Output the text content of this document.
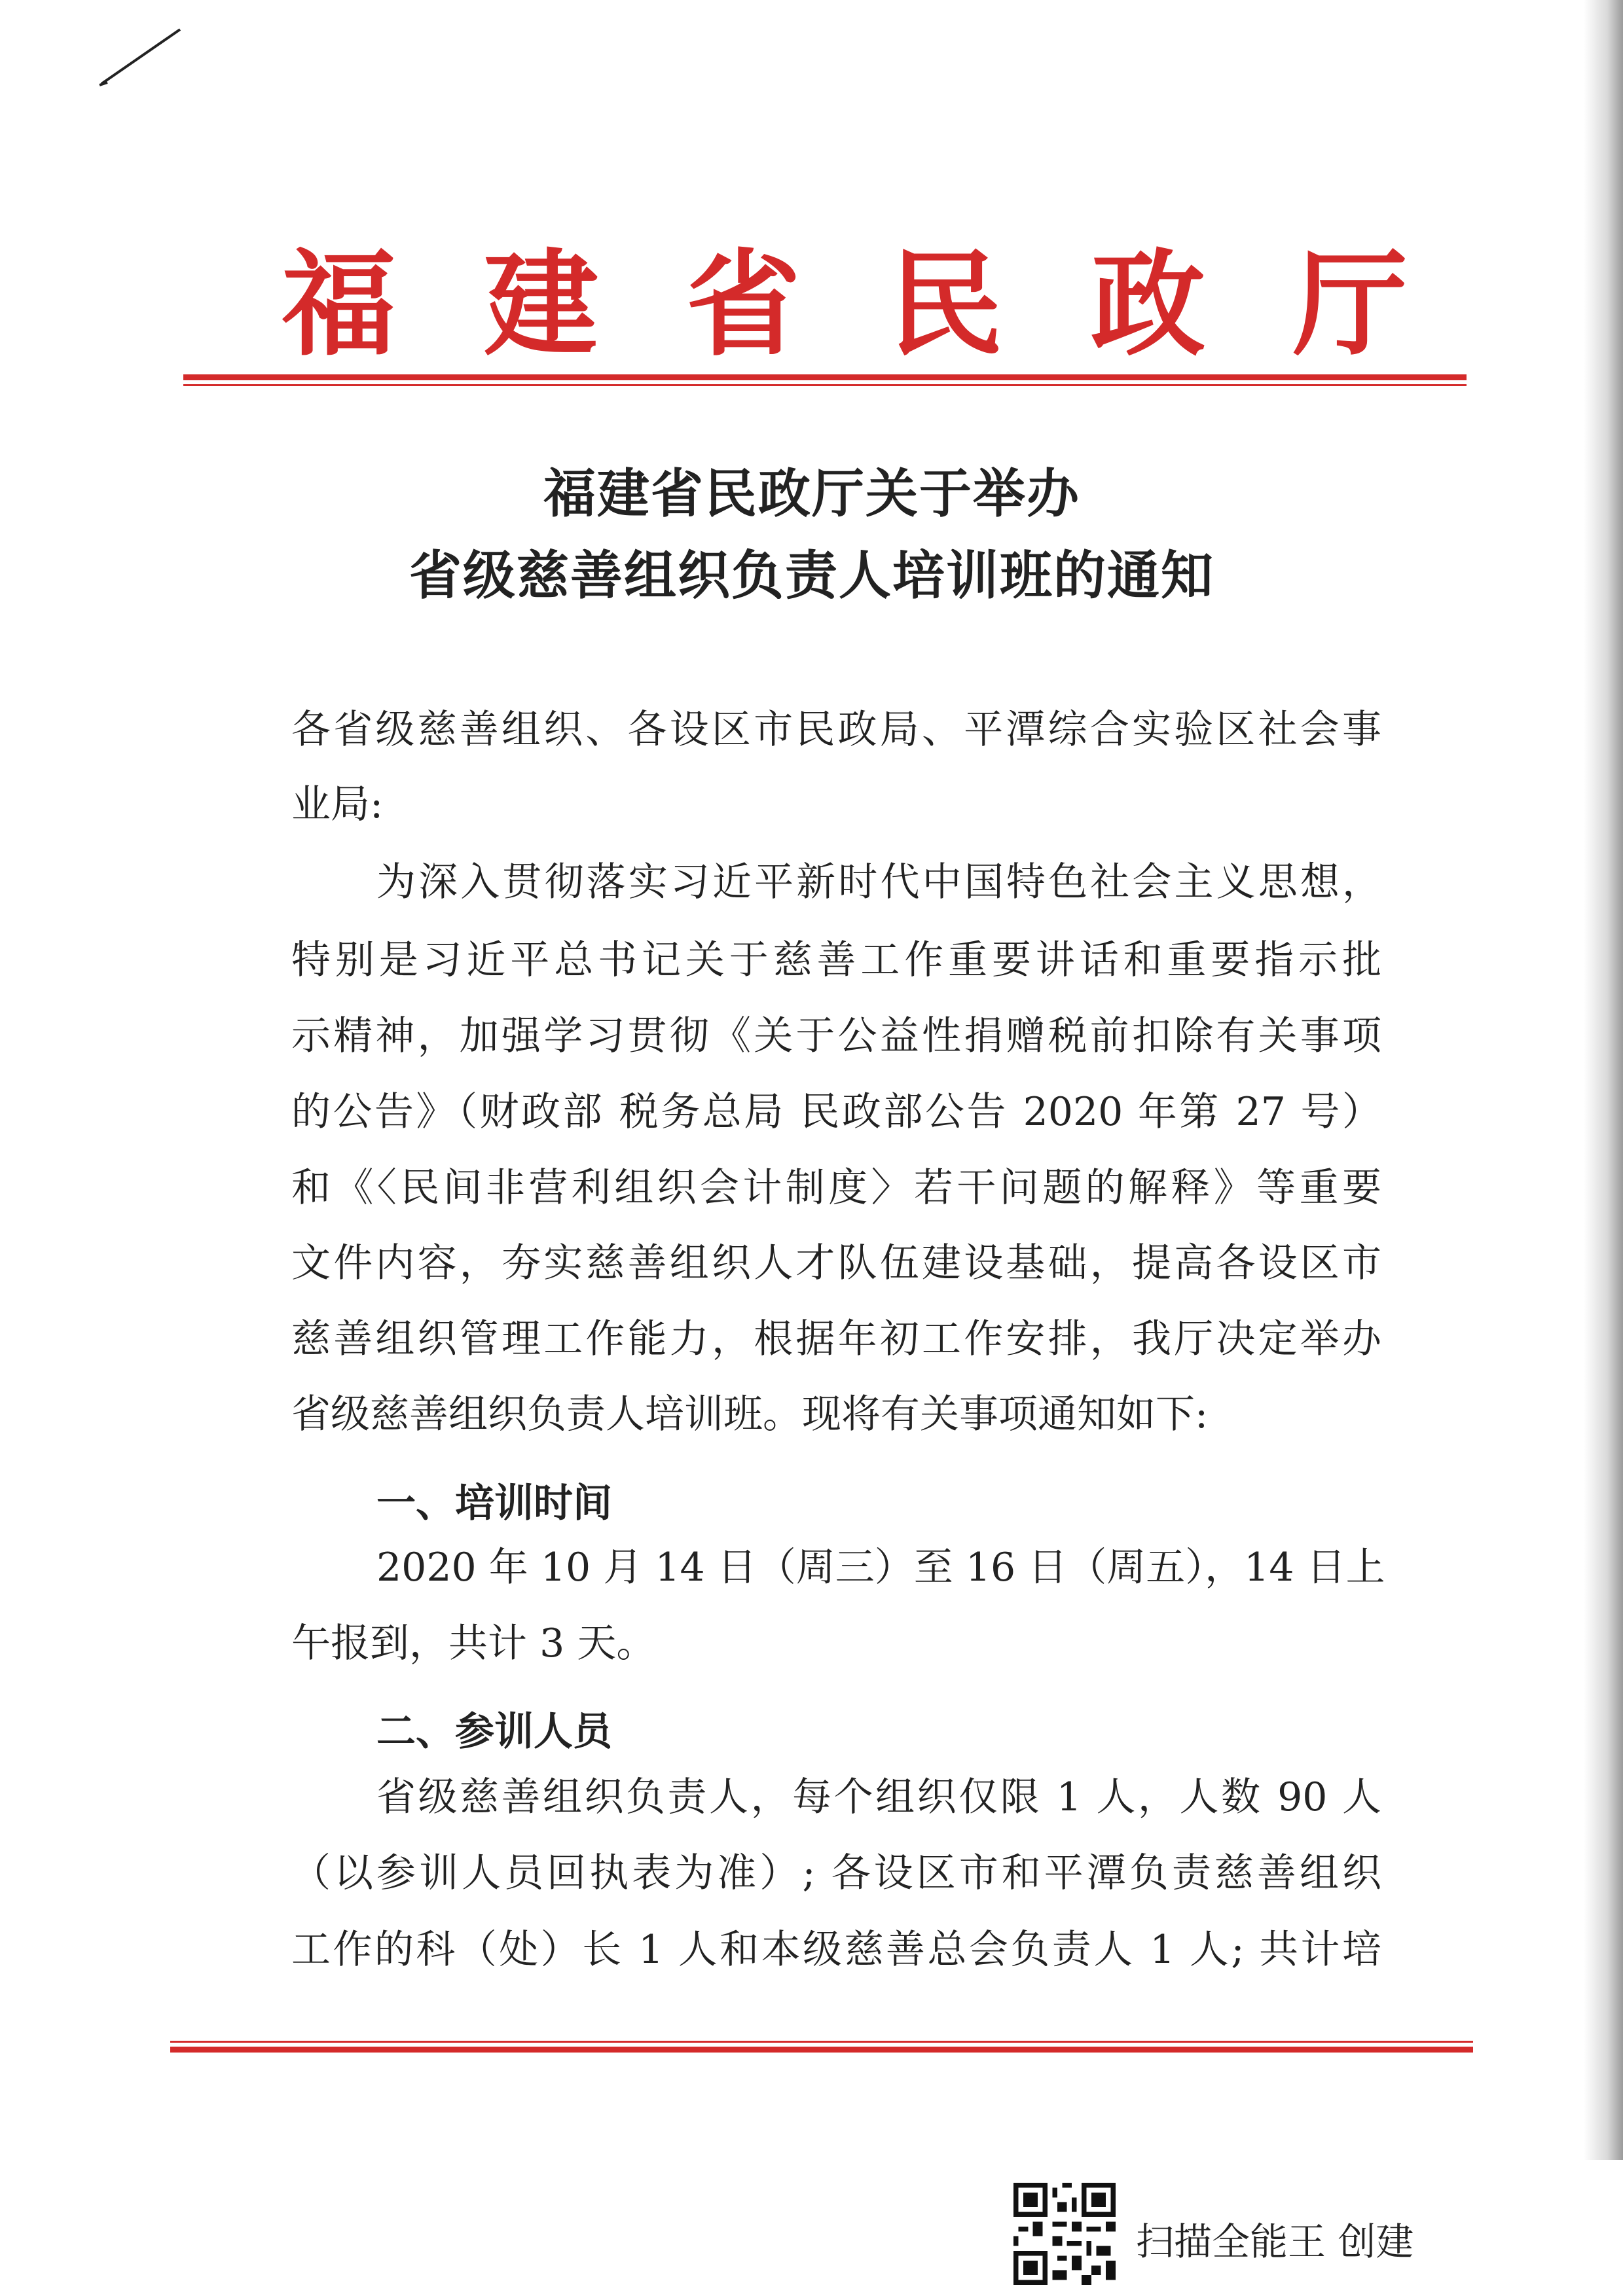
福 建 省 民 政 厅
福建省民政厅关于举办
省级慈善组织负责人培训班的通知
各省级慈善组织、各设区市民政局、平潭综合实验区社会事
业局:
为深入贯彻落实习近平新时代中国特色社会主义思想，
特别是习近平总书记关于慈善工作重要讲话和重要指示批
示精神，加强学习贯彻《关于公益性捐赠税前扣除有关事项
的公告》（财政部 税务总局 民政部公告 2020 年第 27 号）
和《〈民间非营利组织会计制度〉若干问题的解释》等重要
文件内容，夯实慈善组织人才队伍建设基础，提高各设区市
慈善组织管理工作能力，根据年初工作安排，我厅决定举办
省级慈善组织负责人培训班。现将有关事项通知如下:
一、培训时间
2020 年 10 月 14 日（周三）至 16 日（周五），14 日上
午报到，共计 3 天。
二、参训人员
省级慈善组织负责人，每个组织仅限 1 人，人数 90 人
（以参训人员回执表为准）; 各设区市和平潭负责慈善组织
工作的科（处）长 1 人和本级慈善总会负责人 1 人; 共计培
扫描全能王 创建
